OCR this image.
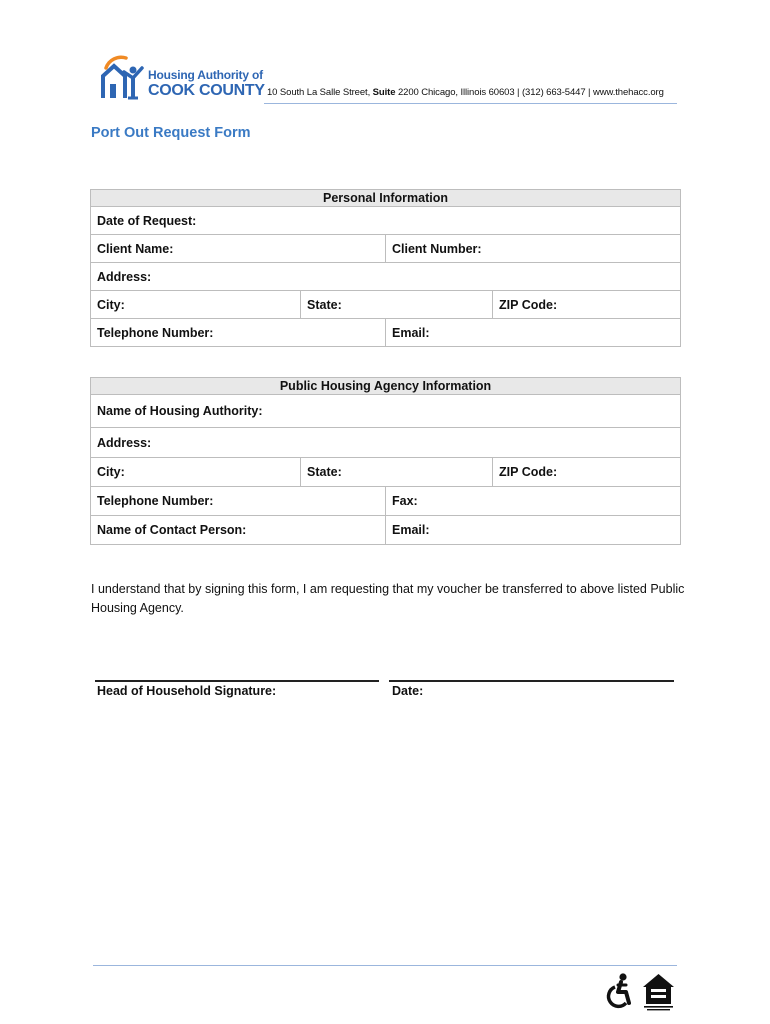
Housing Authority of
COOK COUNTY 10 South La Salle Street, Suite 2200 Chicago, Illinois 60603 | (312) 663-5447 | www.thehacc.org
Port Out Request Form
Personal Information			
Date of Request:			
Client Name:		Client Number:	
Address:			
City:	State:		ZIP Code:
Telephone Number:		Email:	
Public Housing Agency Information			
Name of Housing Authority:			
Address:			
City:	State:		ZIP Code:
Telephone Number:		Fax:	
Name of Contact Person:		Email:	
I understand that by signing this form, I am requesting that my voucher be transferred to above listed Public Housing Agency.
Head of Household Signature:	Date:
